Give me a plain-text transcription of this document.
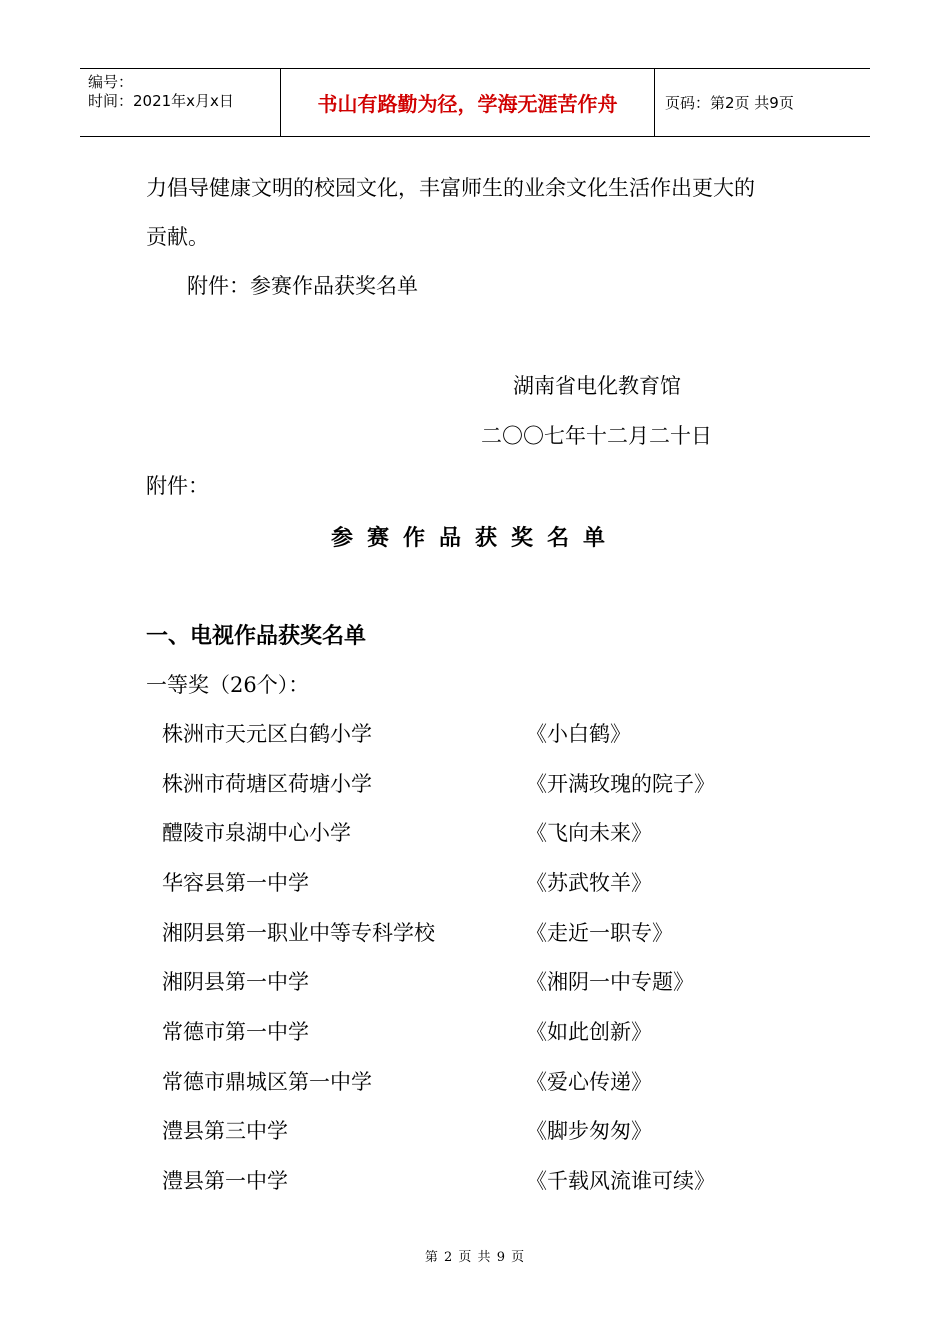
编号：
时间：2021年x月x日	书山有路勤为径，学海无涯苦作舟	页码：第2页 共9页
力倡导健康文明的校园文化，丰富师生的业余文化生活作出更大的
贡献。
附件：参赛作品获奖名单
湖南省电化教育馆
二〇〇七年十二月二十日
附件：
参赛作品获奖名单
一、电视作品获奖名单
一等奖（26个）：
株洲市天元区白鹤小学	《小白鹤》
株洲市荷塘区荷塘小学	《开满玫瑰的院子》
醴陵市泉湖中心小学	《飞向未来》
华容县第一中学	《苏武牧羊》
湘阴县第一职业中等专科学校	《走近一职专》
湘阴县第一中学	《湘阴一中专题》
常德市第一中学	《如此创新》
常德市鼎城区第一中学	《爱心传递》
澧县第三中学	《脚步匆匆》
澧县第一中学	《千载风流谁可续》
第 2 页 共 9 页
